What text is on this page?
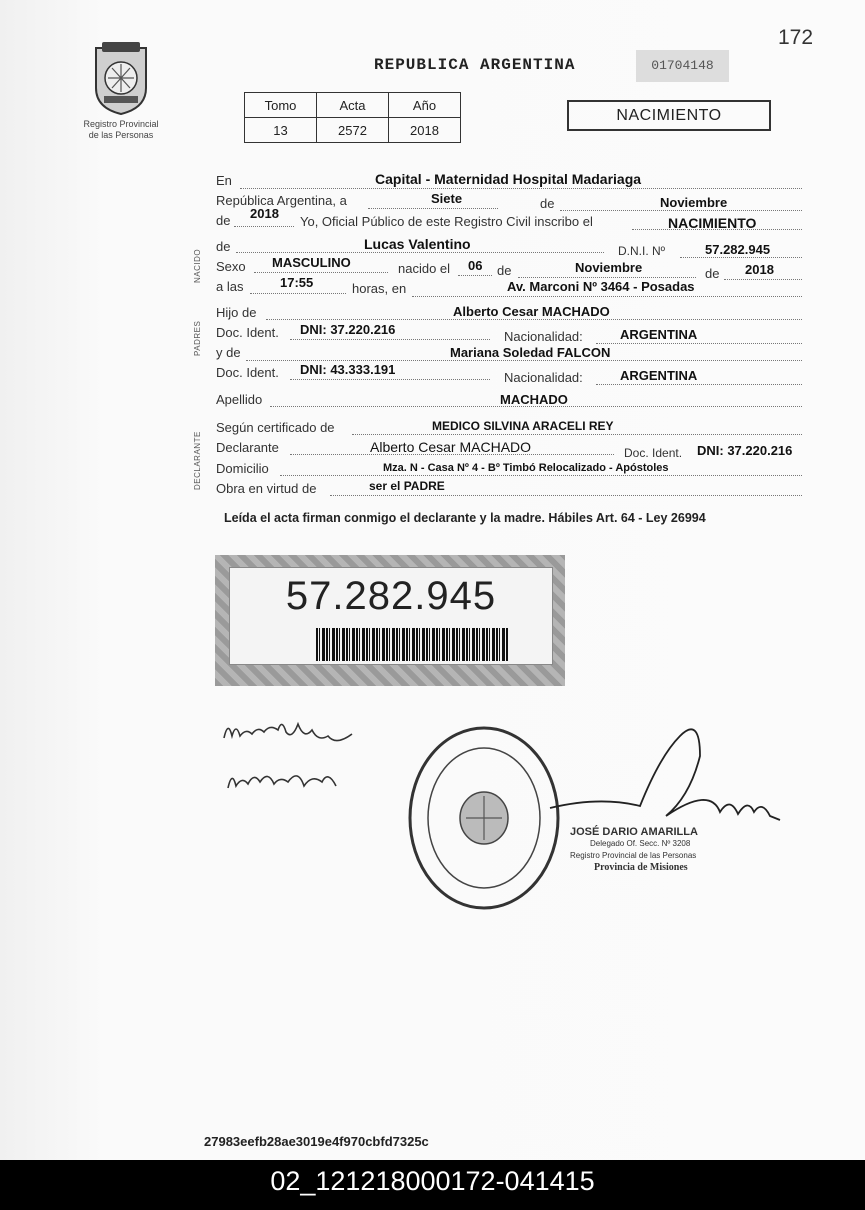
172
Registro Provincial
de las Personas
REPUBLICA ARGENTINA	01704148
Tomo	Acta	Año
13	2572	2018
NACIMIENTO
NACIDO
PADRES
DECLARANTE
En	Capital - Maternidad Hospital Madariaga
República Argentina, a	Siete	de	Noviembre
de 2018
Yo, Oficial Público de este Registro Civil inscribo el	NACIMIENTO
de	Lucas Valentino	D.N.I. Nº	57.282.945
Sexo MASCULINO	nacido el 06 de	Noviembre	de 2018
a las	17:55	horas, en	Av. Marconi Nº 3464 - Posadas
Hijo de	Alberto Cesar MACHADO
Doc. Ident. DNI: 37.220.216	Nacionalidad:	ARGENTINA
y de	Mariana Soledad FALCON
Doc. Ident. DNI: 43.333.191
Nacionalidad:	ARGENTINA
Apellido	MACHADO
Según certificado de	MEDICO SILVINA ARACELI REY
Declarante	Alberto Cesar MACHADO	Doc. Ident. DNI: 37.220.216
Domicilio	Mza. N - Casa Nº 4 - Bº Timbó Relocalizado - Apóstoles
Obra en virtud de	ser el PADRE
Leída el acta firman conmigo el declarante y la madre. Hábiles Art. 64 - Ley 26994
57.282.945
JOSÉ DARIO AMARILLA
Delegado Of. Secc. Nº 3208
Registro Provincial de las Personas
Provincia de Misiones
27983eefb28ae3019e4f970cbfd7325c
02_121218000172-041415
